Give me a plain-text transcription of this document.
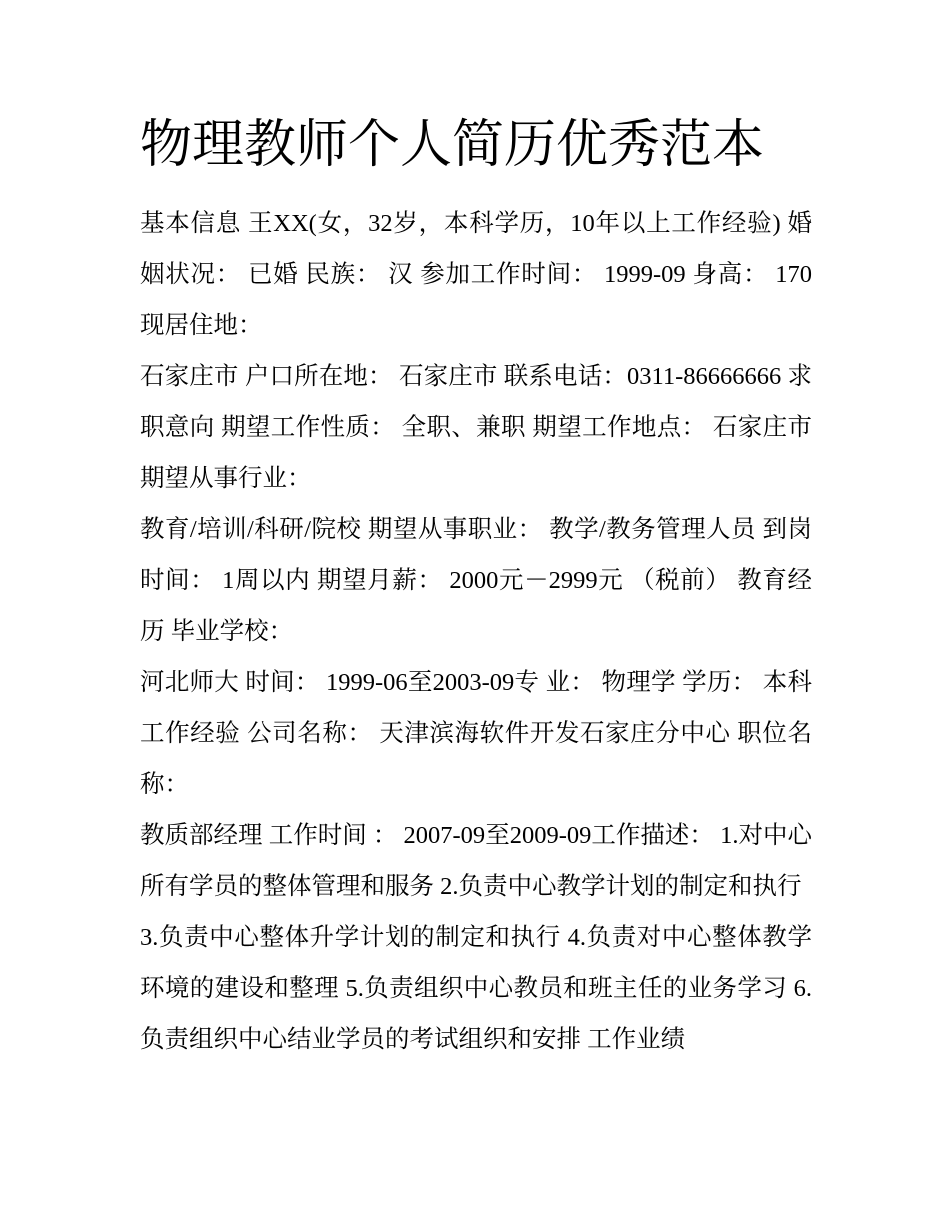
物理教师个人简历优秀范本

基本信息 王XX(女，32岁，本科学历，10年以上工作经验) 婚姻状况： 已婚 民族： 汉 参加工作时间： 1999-09 身高： 170 现居住地：

石家庄市 户口所在地： 石家庄市 联系电话：0311-86666666 求职意向 期望工作性质： 全职、兼职 期望工作地点： 石家庄市 期望从事行业：

教育/培训/科研/院校 期望从事职业： 教学/教务管理人员 到岗时间： 1周以内 期望月薪： 2000元－2999元 （税前） 教育经历 毕业学校：

河北师大 时间： 1999-06至2003-09专 业： 物理学 学历： 本科 工作经验 公司名称： 天津滨海软件开发石家庄分中心 职位名称：

教质部经理 工作时间 ： 2007-09至2009-09工作描述： 1.对中心所有学员的整体管理和服务 2.负责中心教学计划的制定和执行

3.负责中心整体升学计划的制定和执行 4.负责对中心整体教学环境的建设和整理 5.负责组织中心教员和班主任的业务学习 6.负责组织中心结业学员的考试组织和安排 工作业绩
